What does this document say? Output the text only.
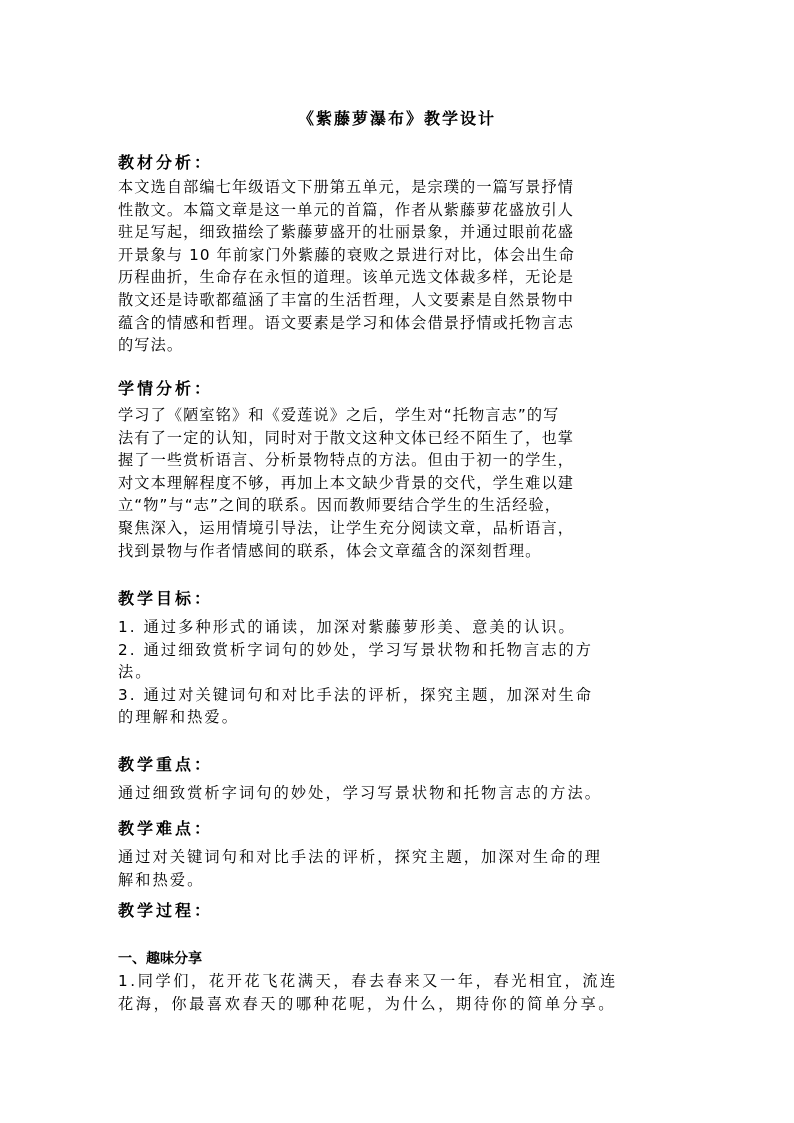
《紫藤萝瀑布》教学设计
教材分析：
本文选自部编七年级语文下册第五单元，是宗璞的一篇写景抒情
性散文。本篇文章是这一单元的首篇，作者从紫藤萝花盛放引人
驻足写起，细致描绘了紫藤萝盛开的壮丽景象，并通过眼前花盛
开景象与 10 年前家门外紫藤的衰败之景进行对比，体会出生命
历程曲折，生命存在永恒的道理。该单元选文体裁多样，无论是
散文还是诗歌都蕴涵了丰富的生活哲理，人文要素是自然景物中
蕴含的情感和哲理。语文要素是学习和体会借景抒情或托物言志
的写法。
学情分析：
学习了《陋室铭》和《爱莲说》之后，学生对“托物言志”的写
法有了一定的认知，同时对于散文这种文体已经不陌生了，也掌
握了一些赏析语言、分析景物特点的方法。但由于初一的学生，
对文本理解程度不够，再加上本文缺少背景的交代，学生难以建
立“物”与“志”之间的联系。因而教师要结合学生的生活经验，
聚焦深入，运用情境引导法，让学生充分阅读文章，品析语言，
找到景物与作者情感间的联系，体会文章蕴含的深刻哲理。
教学目标：
1. 通过多种形式的诵读，加深对紫藤萝形美、意美的认识。
2. 通过细致赏析字词句的妙处，学习写景状物和托物言志的方
法。
3. 通过对关键词句和对比手法的评析，探究主题，加深对生命
的理解和热爱。
教学重点：
通过细致赏析字词句的妙处，学习写景状物和托物言志的方法。
教学难点：
通过对关键词句和对比手法的评析，探究主题，加深对生命的理
解和热爱。
教学过程：
一、趣味分享
1.同学们，花开花飞花满天，春去春来又一年，春光相宜，流连
花海，你最喜欢春天的哪种花呢，为什么，期待你的简单分享。
